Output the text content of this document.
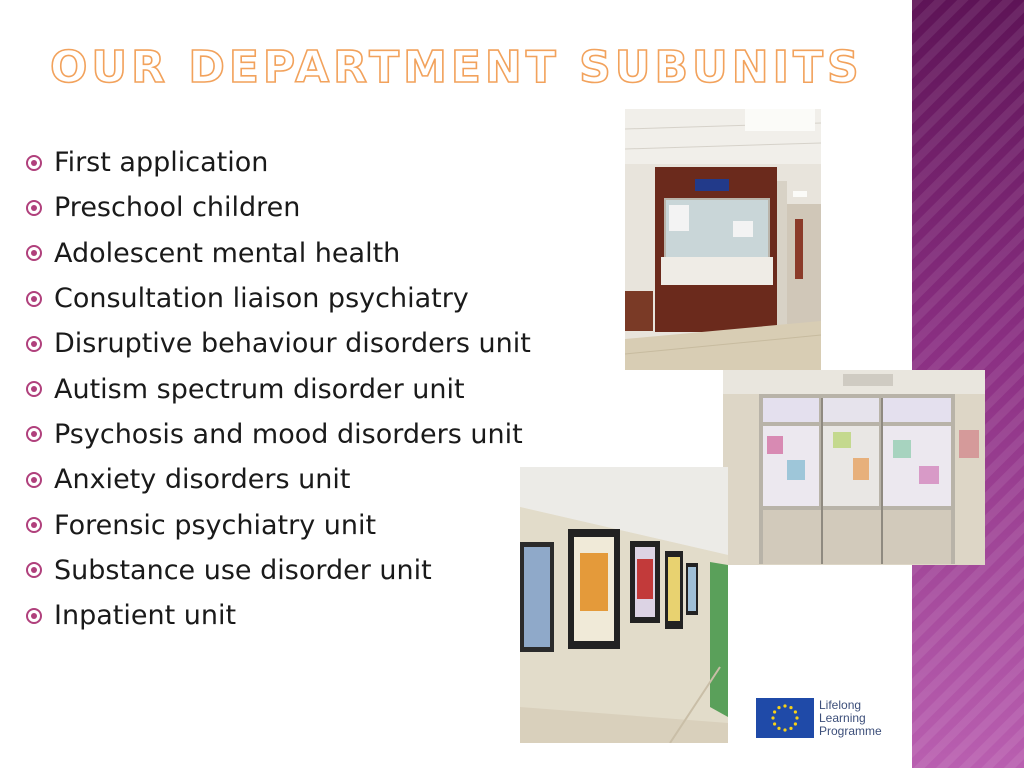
OUR DEPARTMENT SUBUNITS
First application
Preschool children
Adolescent mental health
Consultation liaison psychiatry
Disruptive behaviour disorders unit
Autism spectrum disorder unit
Psychosis and mood disorders unit
Anxiety disorders unit
Forensic psychiatry unit
Substance use disorder unit
Inpatient unit
Lifelong
Learning
Programme
